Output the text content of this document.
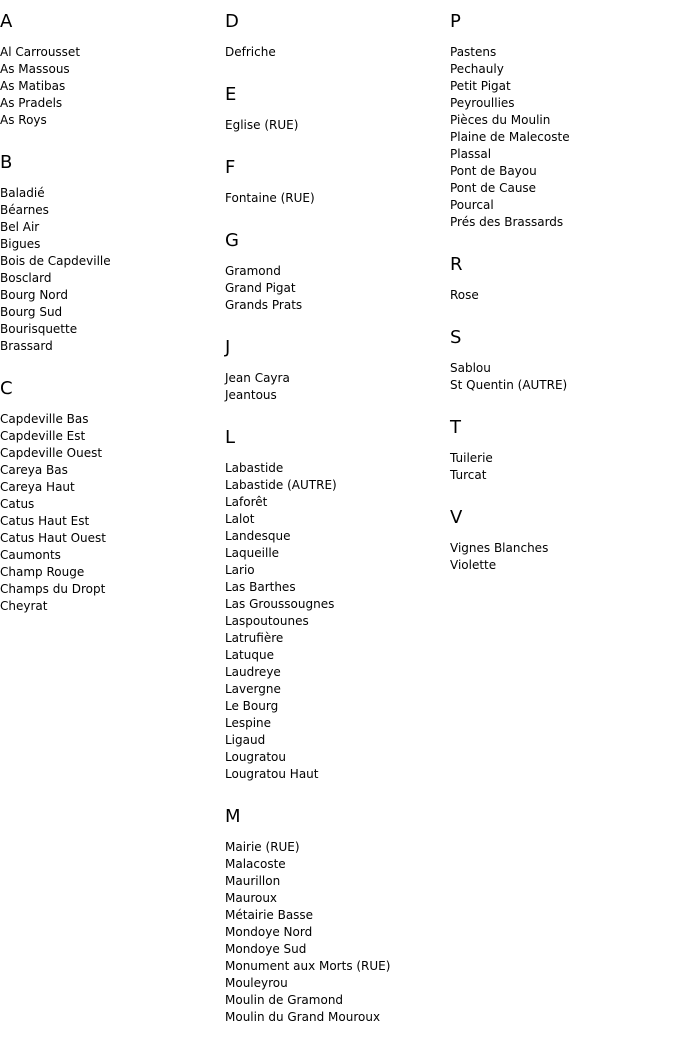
A
Al Carrousset
As Massous
As Matibas
As Pradels
As Roys
B
Baladié
Béarnes
Bel Air
Bigues
Bois de Capdeville
Bosclard
Bourg Nord
Bourg Sud
Bourisquette
Brassard
C
Capdeville Bas
Capdeville Est
Capdeville Ouest
Careya Bas
Careya Haut
Catus
Catus Haut Est
Catus Haut Ouest
Caumonts
Champ Rouge
Champs du Dropt
Cheyrat
D
Defriche
E
Eglise (RUE)
F
Fontaine (RUE)
G
Gramond
Grand Pigat
Grands Prats
J
Jean Cayra
Jeantous
L
Labastide
Labastide (AUTRE)
Laforêt
Lalot
Landesque
Laqueille
Lario
Las Barthes
Las Groussougnes
Laspoutounes
Latrufière
Latuque
Laudreye
Lavergne
Le Bourg
Lespine
Ligaud
Lougratou
Lougratou Haut
M
Mairie (RUE)
Malacoste
Maurillon
Mauroux
Métairie Basse
Mondoye Nord
Mondoye Sud
Monument aux Morts (RUE)
Mouleyrou
Moulin de Gramond
Moulin du Grand Mouroux
P
Pastens
Pechauly
Petit Pigat
Peyroullies
Pièces du Moulin
Plaine de Malecoste
Plassal
Pont de Bayou
Pont de Cause
Pourcal
Prés des Brassards
R
Rose
S
Sablou
St Quentin (AUTRE)
T
Tuilerie
Turcat
V
Vignes Blanches
Violette
